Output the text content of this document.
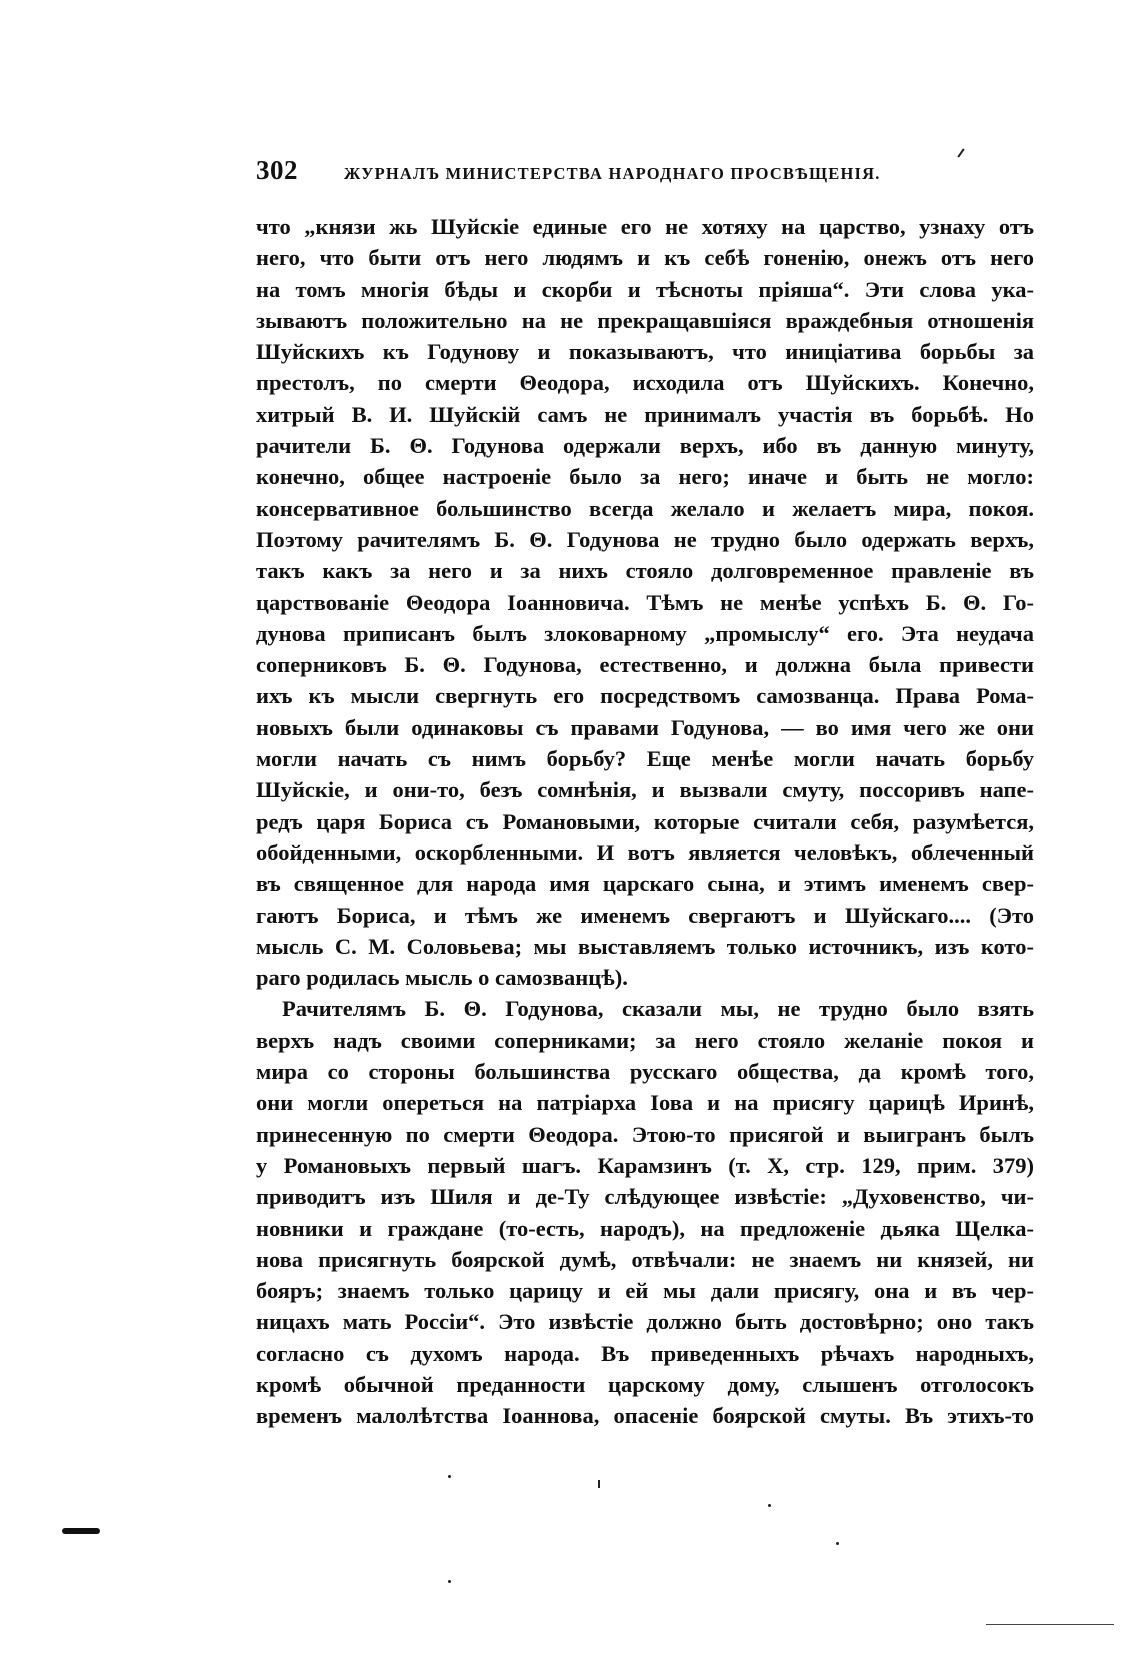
302	ЖУРНАЛЪ МИНИСТЕРСТВА НАРОДНАГО ПРОСВѢЩЕНІЯ.
что „князи жь Шуйскіе единые его не хотяху на царство, узнаху отъ
него, что быти отъ него людямъ и къ себѣ гоненію, онежъ отъ него
на томъ многія бѣды и скорби и тѣсноты пріяша“. Эти слова ука-
зываютъ положительно на не прекращавшіяся враждебныя отношенія
Шуйскихъ къ Годунову и показываютъ, что иниціатива борьбы за
престолъ, по смерти Θеодора, исходила отъ Шуйскихъ. Конечно,
хитрый В. И. Шуйскій самъ не принималъ участія въ борьбѣ. Но
рачители Б. Θ. Годунова одержали верхъ, ибо въ данную минуту,
конечно, общее настроеніе было за него; иначе и быть не могло:
консервативное большинство всегда желало и желаетъ мира, покоя.
Поэтому рачителямъ Б. Θ. Годунова не трудно было одержать верхъ,
такъ какъ за него и за нихъ стояло долговременное правленіе въ
царствованіе Θеодора Іоанновича. Тѣмъ не менѣе успѣхъ Б. Θ. Го-
дунова приписанъ былъ злоковарному „промыслу“ его. Эта неудача
соперниковъ Б. Θ. Годунова, естественно, и должна была привести
ихъ къ мысли свергнуть его посредствомъ самозванца. Права Рома-
новыхъ были одинаковы съ правами Годунова, — во имя чего же они
могли начать съ нимъ борьбу? Еще менѣе могли начать борьбу
Шуйскіе, и они-то, безъ сомнѣнія, и вызвали смуту, поссоривъ напе-
редъ царя Бориса съ Романовыми, которые считали себя, разумѣется,
обойденными, оскорбленными. И вотъ является человѣкъ, облеченный
въ священное для народа имя царскаго сына, и этимъ именемъ свер-
гаютъ Бориса, и тѣмъ же именемъ свергаютъ и Шуйскаго.... (Это
мысль С. М. Соловьева; мы выставляемъ только источникъ, изъ кото-
раго родилась мысль о самозванцѣ).
Рачителямъ Б. Θ. Годунова, сказали мы, не трудно было взять
верхъ надъ своими соперниками; за него стояло желаніе покоя и
мира со стороны большинства русскаго общества, да кромѣ того,
они могли опереться на патріарха Іова и на присягу царицѣ Иринѣ,
принесенную по смерти Θеодора. Этою-то присягой и выигранъ былъ
у Романовыхъ первый шагъ. Карамзинъ (т. X, стр. 129, прим. 379)
приводитъ изъ Шиля и де-Ту слѣдующее извѣстіе: „Духовенство, чи-
новники и граждане (то-есть, народъ), на предложеніе дьяка Щелка-
нова присягнуть боярской думѣ, отвѣчали: не знаемъ ни князей, ни
бояръ; знаемъ только царицу и ей мы дали присягу, она и въ чер-
ницахъ мать Россіи“. Это извѣстіе должно быть достовѣрно; оно такъ
согласно съ духомъ народа. Въ приведенныхъ рѣчахъ народныхъ,
кромѣ обычной преданности царскому дому, слышенъ отголосокъ
временъ малолѣтства Іоаннова, опасеніе боярской смуты. Въ этихъ-то
